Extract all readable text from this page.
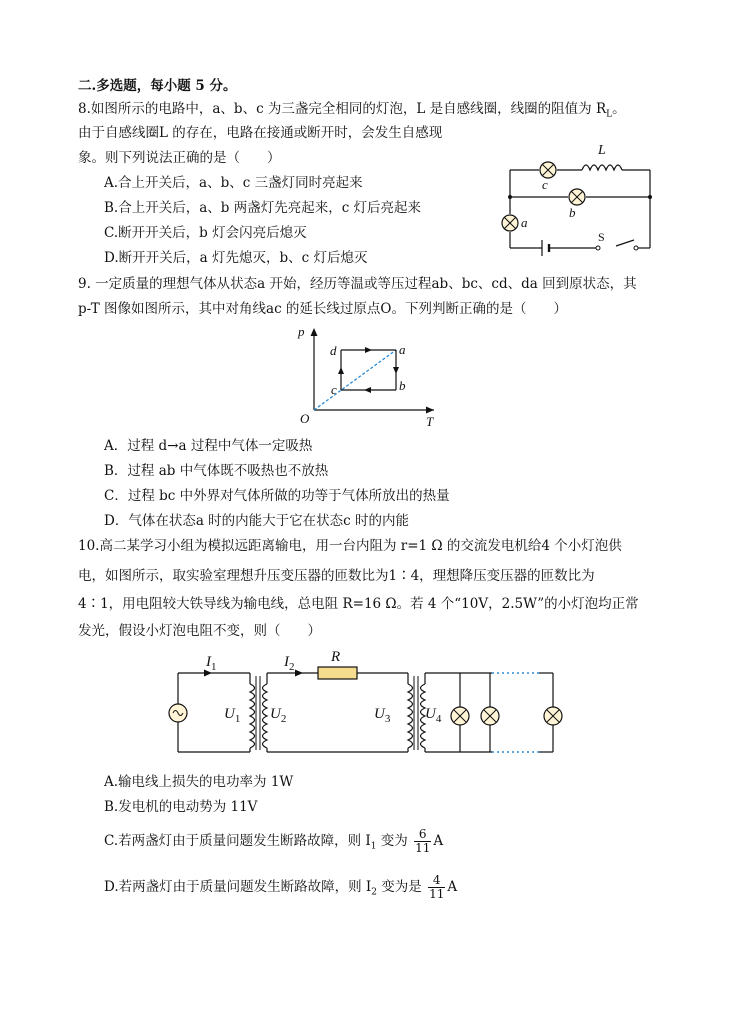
二.多选题，每小题 5 分。
8.如图所示的电路中，a、b、c 为三盏完全相同的灯泡，L 是自感线圈，线圈的阻值为 $R_L$。
由于自感线圈L 的存在，电路在接通或断开时，会发生自感现
象。则下列说法正确的是（　　）
A.合上开关后，a、b、c 三盏灯同时亮起来
B.合上开关后，a、b 两盏灯先亮起来，c 灯后亮起来
C.断开开关后，b 灯会闪亮后熄灭
D.断开开关后，a 灯先熄灭，b、c 灯后熄灭
L
c
b
a
S
9. 一定质量的理想气体从状态a 开始，经历等温或等压过程ab、bc、cd、da 回到原状态，其
p-T 图像如图所示，其中对角线ac 的延长线过原点O。下列判断正确的是（　　）
p
T
O
d	a
b
c
A．过程 d→a 过程中气体一定吸热
B．过程 ab 中气体既不吸热也不放热
C．过程 bc 中外界对气体所做的功等于气体所放出的热量
D．气体在状态a 时的内能大于它在状态c 时的内能
10.高二某学习小组为模拟远距离输电，用一台内阻为 r=1 Ω 的交流发电机给4 个小灯泡供
电，如图所示，取实验室理想升压变压器的匝数比为1∶4，理想降压变压器的匝数比为
4∶1，用电阻较大铁导线为输电线，总电阻 R=16 Ω。若 4 个“10V，2.5W”的小灯泡均正常
发光，假设小灯泡电阻不变，则（　　）
$I_1$	$I_2$
R
$U_1$ $U_2$	$U_3$ $U_4$
A.输电线上损失的电功率为 1W
B.发电机的电动势为 11V
C.若两盏灯由于质量问题发生断路故障，则 $I_1$ 变为 $\frac{6}{11}$ A
D.若两盏灯由于质量问题发生断路故障，则 $I_2$ 变为是 $\frac{4}{11}$ A
